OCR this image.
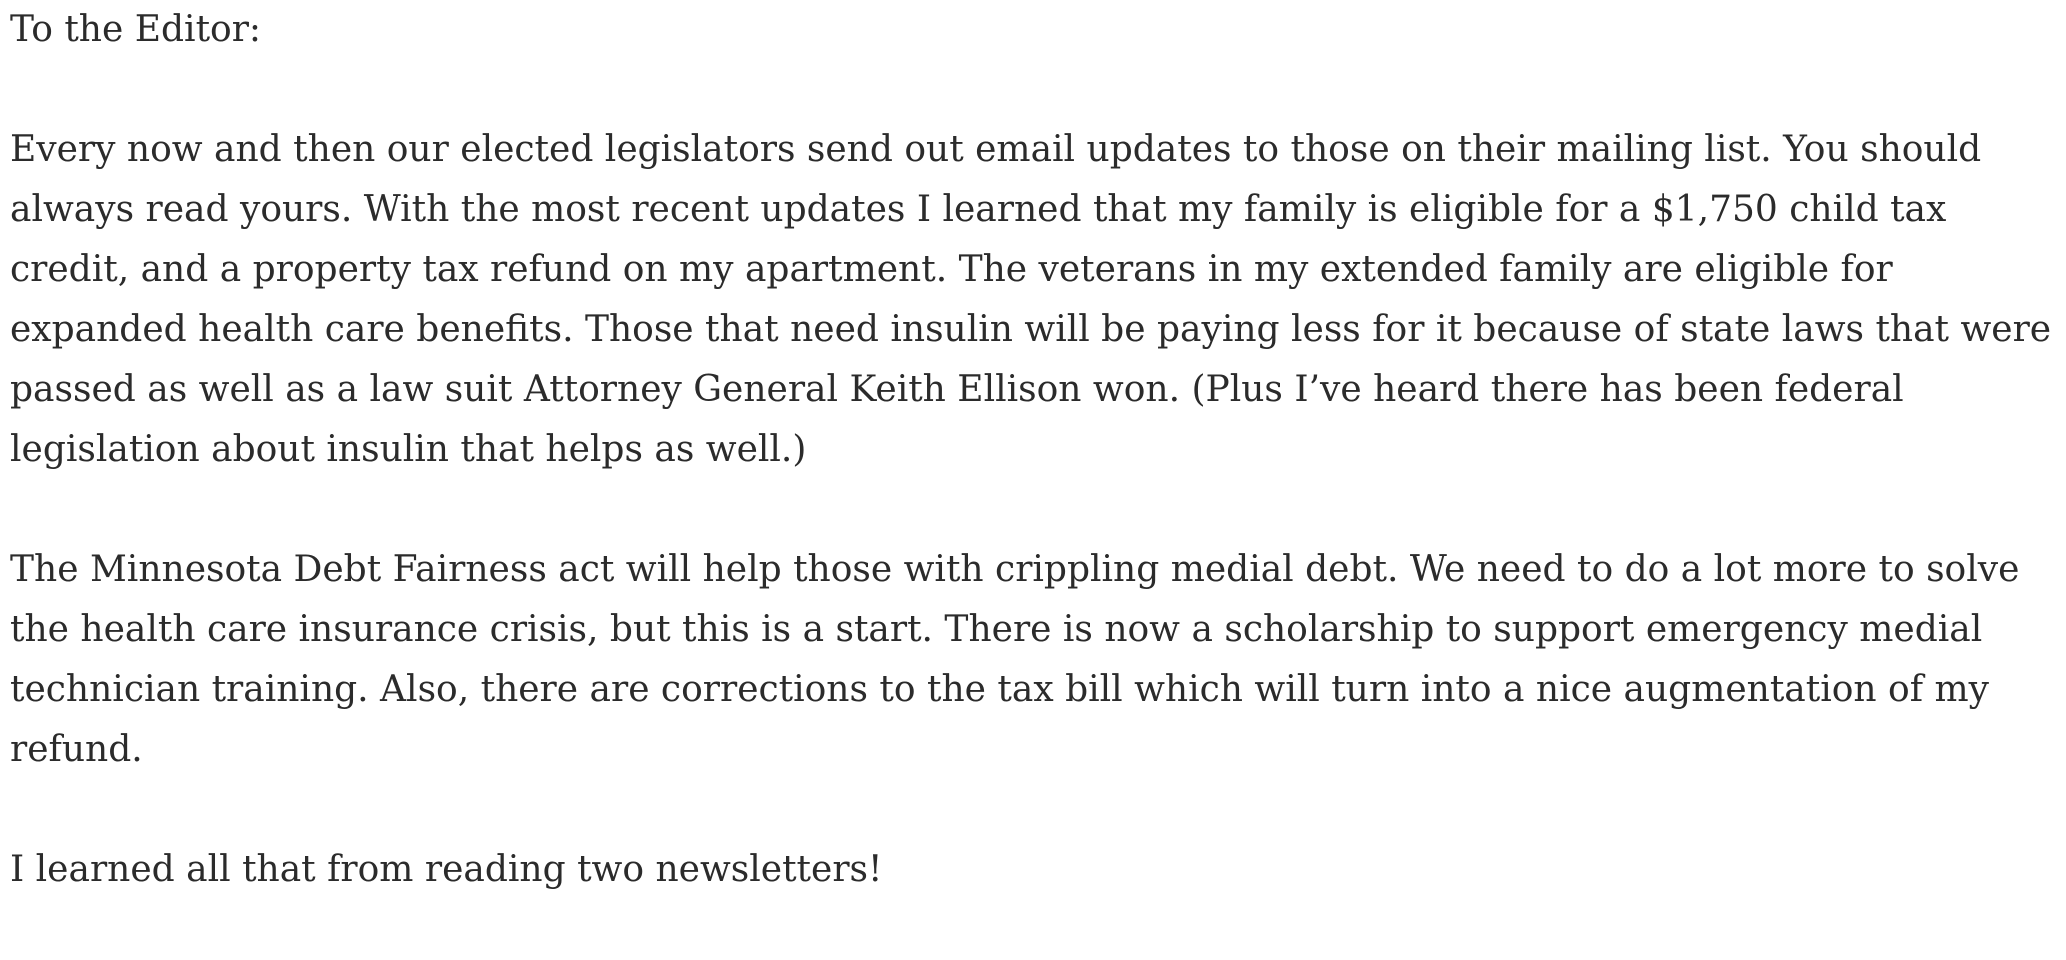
To the Editor:

Every now and then our elected legislators send out email updates to those on their mailing list. You should always read yours. With the most recent updates I learned that my family is eligible for a $1,750 child tax credit, and a property tax refund on my apartment. The veterans in my extended family are eligible for expanded health care benefits. Those that need insulin will be paying less for it because of state laws that were passed as well as a law suit Attorney General Keith Ellison won. (Plus I’ve heard there has been federal legislation about insulin that helps as well.)

The Minnesota Debt Fairness act will help those with crippling medial debt. We need to do a lot more to solve the health care insurance crisis, but this is a start. There is now a scholarship to support emergency medial technician training. Also, there are corrections to the tax bill which will turn into a nice augmentation of my refund.

I learned all that from reading two newsletters!
